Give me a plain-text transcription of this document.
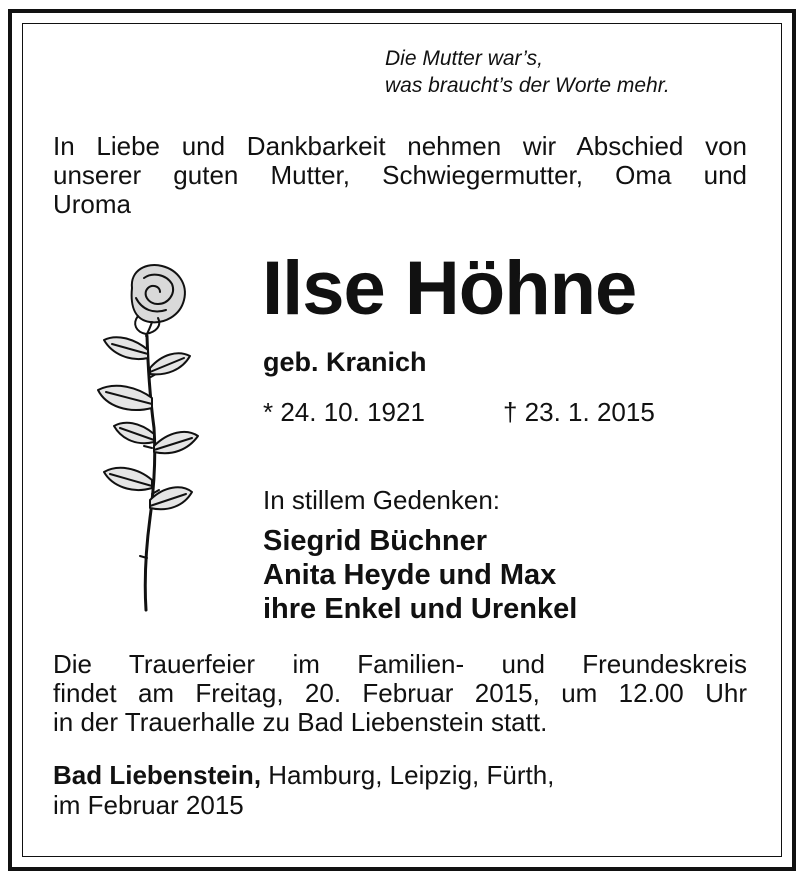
Die Mutter war’s,
was braucht’s der Worte mehr.
In Liebe und Dankbarkeit nehmen wir Abschied von
unserer guten Mutter, Schwiegermutter, Oma und
Uroma
Ilse Höhne
geb. Kranich
* 24. 10. 1921	† 23. 1. 2015
In stillem Gedenken:
Siegrid Büchner
Anita Heyde und Max
ihre Enkel und Urenkel
Die Trauerfeier im Familien- und Freundeskreis
findet am Freitag, 20. Februar 2015, um 12.00 Uhr
in der Trauerhalle zu Bad Liebenstein statt.
Bad Liebenstein, Hamburg, Leipzig, Fürth,
im Februar 2015
